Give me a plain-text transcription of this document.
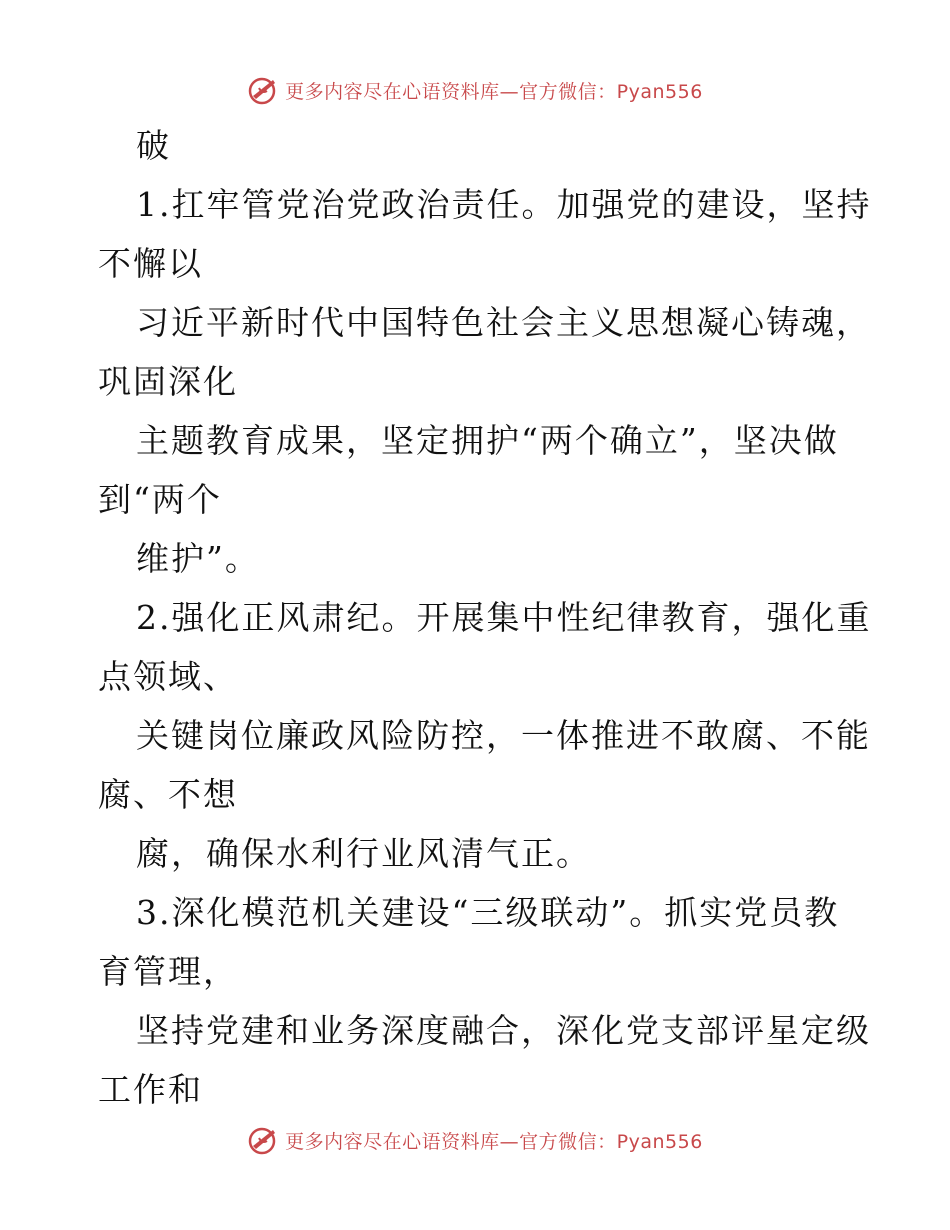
更多内容尽在心语资料库—官方微信：Pyan556
破
1.扛牢管党治党政治责任。加强党的建设，坚持
不懈以
习近平新时代中国特色社会主义思想凝心铸魂，
巩固深化
主题教育成果，坚定拥护“两个确立”，坚决做
到“两个
维护”。
2.强化正风肃纪。开展集中性纪律教育，强化重
点领域、
关键岗位廉政风险防控，一体推进不敢腐、不能
腐、不想
腐，确保水利行业风清气正。
3.深化模范机关建设“三级联动”。抓实党员教
育管理，
坚持党建和业务深度融合，深化党支部评星定级
工作和
更多内容尽在心语资料库—官方微信：Pyan556
